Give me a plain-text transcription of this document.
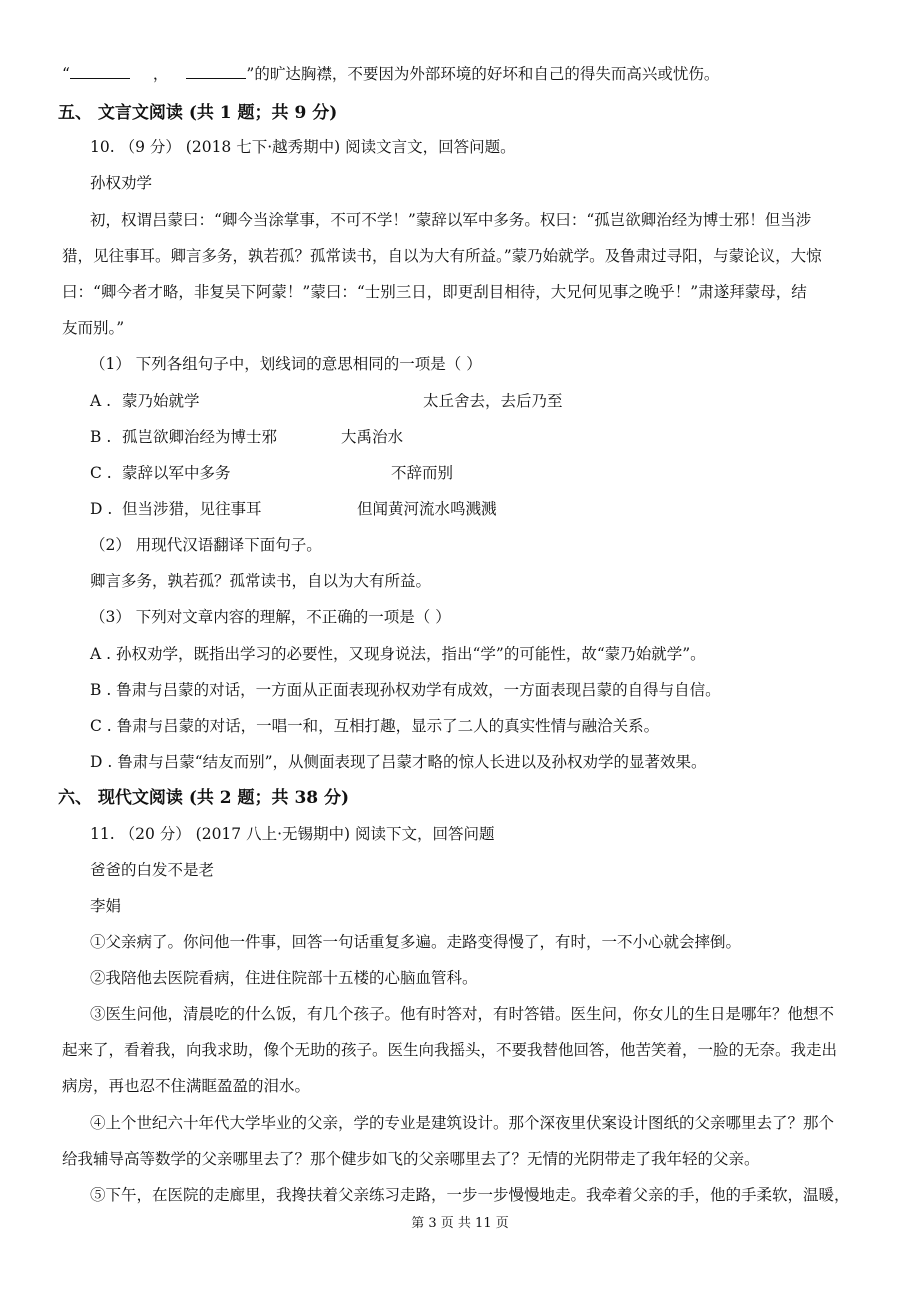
“	，	”的旷达胸襟，不要因为外部环境的好坏和自己的得失而高兴或忧伤。
五、 文言文阅读 (共 1 题；共 9 分)
10. （9 分） (2018 七下·越秀期中) 阅读文言文，回答问题。
孙权劝学
初，权谓吕蒙曰：“卿今当涂掌事，不可不学！”蒙辞以军中多务。权曰：“孤岂欲卿治经为博士邪！但当涉
猎，见往事耳。卿言多务，孰若孤？孤常读书，自以为大有所益。”蒙乃始就学。及鲁肃过寻阳，与蒙论议，大惊
曰：“卿今者才略，非复吴下阿蒙！”蒙曰：“士别三日，即更刮目相待，大兄何见事之晚乎！”肃遂拜蒙母，结
友而别。”
（1） 下列各组句子中，划线词的意思相同的一项是（ ）
A . 蒙乃始就学	太丘舍去，去后乃至
B . 孤岂欲卿治经为博士邪	大禹治水
C . 蒙辞以军中多务	不辞而别
D . 但当涉猎，见往事耳	但闻黄河流水鸣溅溅
（2） 用现代汉语翻译下面句子。
卿言多务，孰若孤？孤常读书，自以为大有所益。
（3） 下列对文章内容的理解，不正确的一项是（ ）
A . 孙权劝学，既指出学习的必要性，又现身说法，指出“学”的可能性，故“蒙乃始就学”。
B . 鲁肃与吕蒙的对话，一方面从正面表现孙权劝学有成效，一方面表现吕蒙的自得与自信。
C . 鲁肃与吕蒙的对话，一唱一和，互相打趣，显示了二人的真实性情与融洽关系。
D . 鲁肃与吕蒙“结友而别”，从侧面表现了吕蒙才略的惊人长进以及孙权劝学的显著效果。
六、 现代文阅读 (共 2 题；共 38 分)
11. （20 分） (2017 八上·无锡期中) 阅读下文，回答问题
爸爸的白发不是老
李娟
①父亲病了。你问他一件事，回答一句话重复多遍。走路变得慢了，有时，一不小心就会摔倒。
②我陪他去医院看病，住进住院部十五楼的心脑血管科。
③医生问他，清晨吃的什么饭，有几个孩子。他有时答对，有时答错。医生问，你女儿的生日是哪年？他想不
起来了，看着我，向我求助，像个无助的孩子。医生向我摇头，不要我替他回答，他苦笑着，一脸的无奈。我走出
病房，再也忍不住满眶盈盈的泪水。
④上个世纪六十年代大学毕业的父亲，学的专业是建筑设计。那个深夜里伏案设计图纸的父亲哪里去了？那个
给我辅导高等数学的父亲哪里去了？那个健步如飞的父亲哪里去了？无情的光阴带走了我年轻的父亲。
⑤下午，在医院的走廊里，我搀扶着父亲练习走路，一步一步慢慢地走。我牵着父亲的手，他的手柔软，温暖，
第 3 页 共 11 页
